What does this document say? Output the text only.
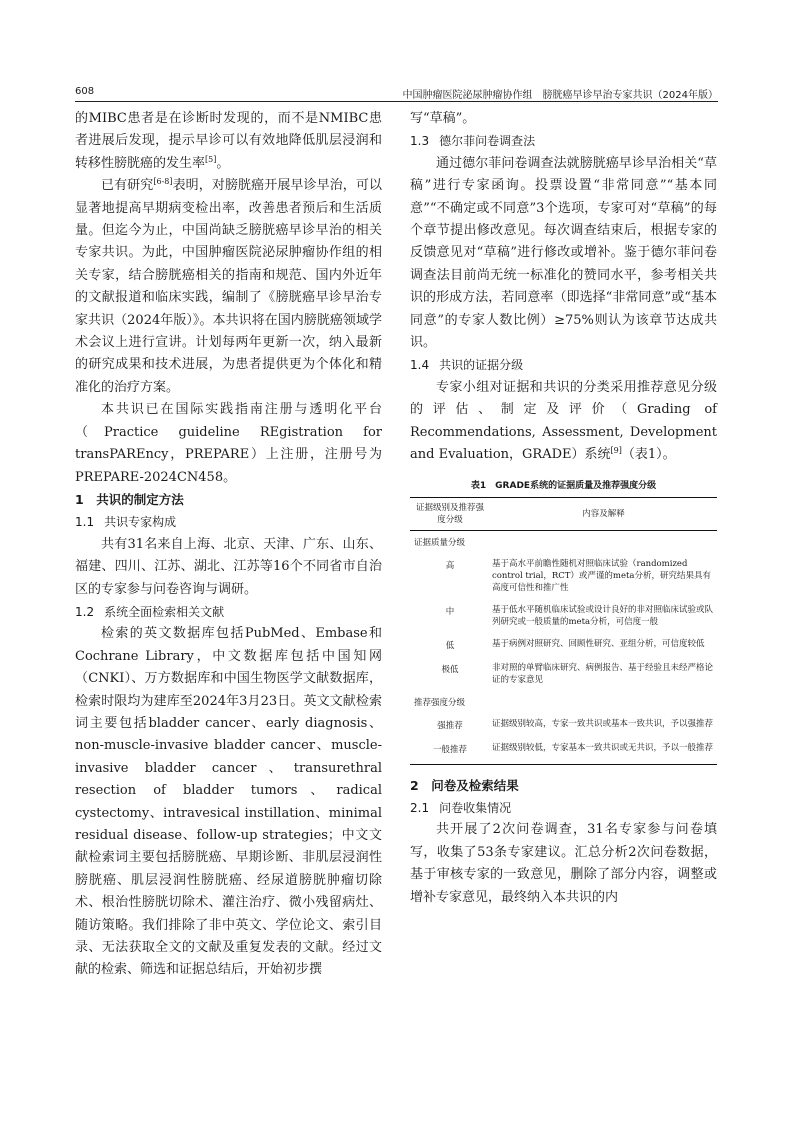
608	中国肿瘤医院泌尿肿瘤协作组　膀胱癌早诊早治专家共识（2024年版）

的MIBC患者是在诊断时发现的，而不是NMIBC患者进展后发现，提示早诊可以有效地降低肌层浸润和转移性膀胱癌的发生率[5]。

已有研究[6-8]表明，对膀胱癌开展早诊早治，可以显著地提高早期病变检出率，改善患者预后和生活质量。但迄今为止，中国尚缺乏膀胱癌早诊早治的相关专家共识。为此，中国肿瘤医院泌尿肿瘤协作组的相关专家，结合膀胱癌相关的指南和规范、国内外近年的文献报道和临床实践，编制了《膀胱癌早诊早治专家共识（2024年版）》。本共识将在国内膀胱癌领域学术会议上进行宣讲。计划每两年更新一次，纳入最新的研究成果和技术进展，为患者提供更为个体化和精准化的治疗方案。

本共识已在国际实践指南注册与透明化平台（Practice guideline REgistration for transPAREncy，PREPARE）上注册，注册号为PREPARE-2024CN458。

1　共识的制定方法
1.1 共识专家构成

共有31名来自上海、北京、天津、广东、山东、福建、四川、江苏、湖北、江苏等16个不同省市自治区的专家参与问卷咨询与调研。

1.2 系统全面检索相关文献

检索的英文数据库包括PubMed、Embase和Cochrane Library，中文数据库包括中国知网（CNKI）、万方数据库和中国生物医学文献数据库，检索时限均为建库至2024年3月23日。英文文献检索词主要包括bladder cancer、early diagnosis、non-muscle-invasive bladder cancer、muscle-invasive bladder cancer、transurethral resection of bladder tumors、radical cystectomy、intravesical instillation、minimal residual disease、follow-up strategies；中文文献检索词主要包括膀胱癌、早期诊断、非肌层浸润性膀胱癌、肌层浸润性膀胱癌、经尿道膀胱肿瘤切除术、根治性膀胱切除术、灌注治疗、微小残留病灶、随访策略。我们排除了非中英文、学位论文、索引目录、无法获取全文的文献及重复发表的文献。经过文献的检索、筛选和证据总结后，开始初步撰

写“草稿”。

1.3 德尔菲问卷调查法

通过德尔菲问卷调查法就膀胱癌早诊早治相关“草稿”进行专家函询。投票设置“非常同意”“基本同意”“不确定或不同意”3个选项，专家可对“草稿”的每个章节提出修改意见。每次调查结束后，根据专家的反馈意见对“草稿”进行修改或增补。鉴于德尔菲问卷调查法目前尚无统一标准化的赞同水平，参考相关共识的形成方法，若同意率（即选择“非常同意”或“基本同意”的专家人数比例）≥75%则认为该章节达成共识。

1.4 共识的证据分级

专家小组对证据和共识的分类采用推荐意见分级的评估、制定及评价（Grading of Recommendations, Assessment, Development and Evaluation，GRADE）系统[9]（表1）。

表1　GRADE系统的证据质量及推荐强度分级
证据级别及推荐强度分级	内容及解释
证据质量分级	
高	基于高水平前瞻性随机对照临床试验（randomized control trial，RCT）或严谨的meta分析，研究结果具有高度可信性和推广性
中	基于低水平随机临床试验或设计良好的非对照临床试验或队列研究或一般质量的meta分析，可信度一般
低	基于病例对照研究、回顾性研究、亚组分析，可信度较低
极低	非对照的单臂临床研究、病例报告、基于经验且未经严格论证的专家意见
推荐强度分级	
强推荐	证据级别较高，专家一致共识或基本一致共识，予以强推荐
一般推荐	证据级别较低，专家基本一致共识或无共识，予以一般推荐
2　问卷及检索结果
2.1 问卷收集情况

共开展了2次问卷调查，31名专家参与问卷填写，收集了53条专家建议。汇总分析2次问卷数据，基于审核专家的一致意见，删除了部分内容，调整或增补专家意见，最终纳入本共识的内
